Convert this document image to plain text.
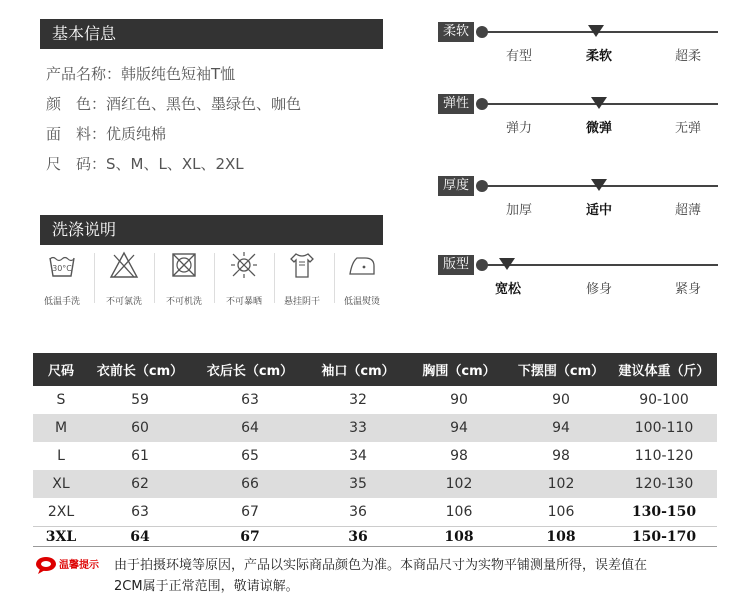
基本信息
产品名称：韩版纯色短袖T恤
颜　色：酒红色、黑色、墨绿色、咖色
面　料：优质纯棉
尺　码：S、M、L、XL、2XL
洗涤说明
30°C
低温手洗	不可氯洗	不可机洗	不可暴晒	悬挂阴干	低温熨烫
柔软
有型	柔软	超柔
弹性
弹力	微弹	无弹
厚度
加厚	适中	超薄
版型
宽松	修身	紧身
尺码	衣前长（cm）	衣后长（cm）	袖口（cm）	胸围（cm）	下摆围（cm）	建议体重（斤）
S	59	63	32	90	90	90-100
M	60	64	33	94	94	100-110
L	61	65	34	98	98	110-120
XL	62	66	35	102	102	120-130
2XL	63	67	36	106	106	130-150
3XL	64	67	36	108	108	150-170
温馨提示 由于拍摄环境等原因，产品以实际商品颜色为准。本商品尺寸为实物平铺测量所得，误差值在
2CM属于正常范围，敬请谅解。
